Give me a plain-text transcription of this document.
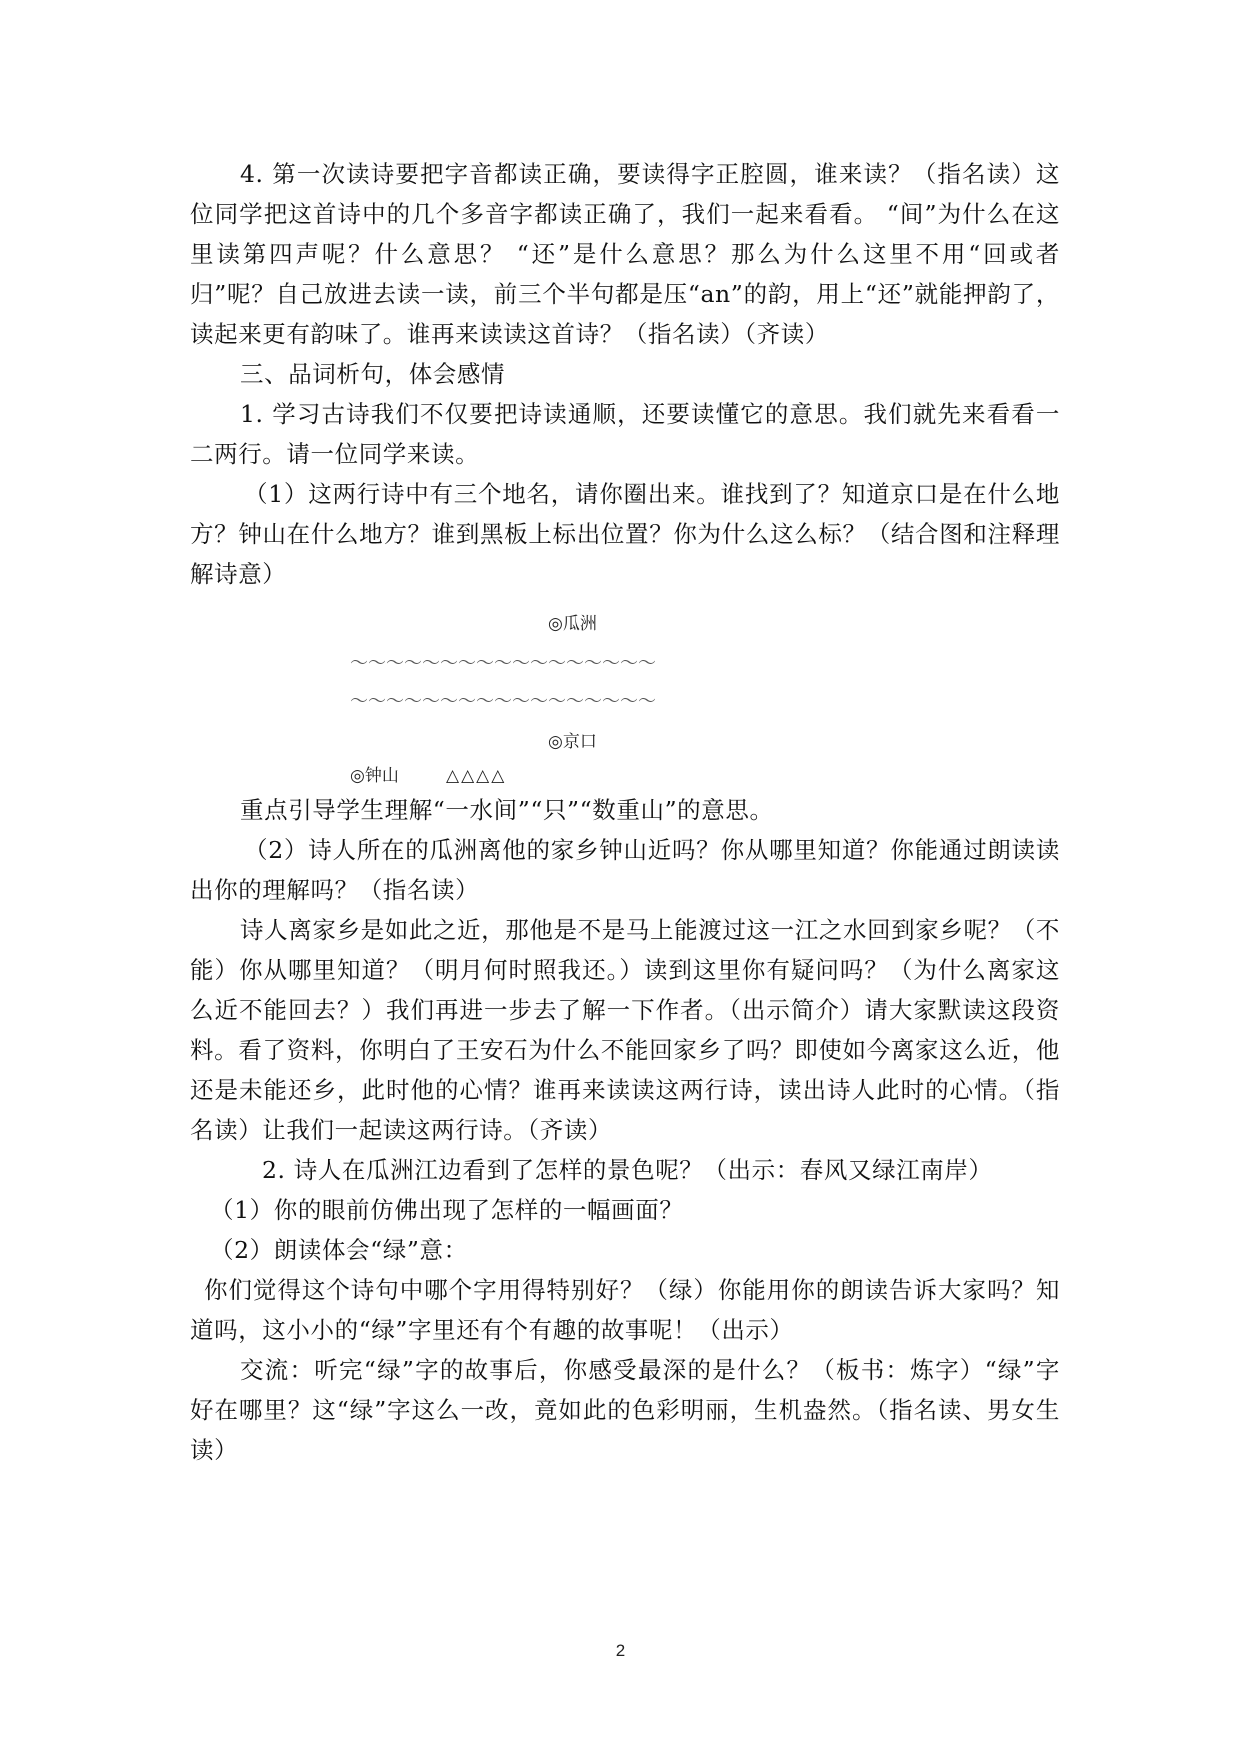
4. 第一次读诗要把字音都读正确，要读得字正腔圆，谁来读？（指名读）这位同学把这首诗中的几个多音字都读正确了，我们一起来看看。 “间”为什么在这里读第四声呢？什么意思？ “还”是什么意思？那么为什么这里不用“回或者归”呢？自己放进去读一读，前三个半句都是压“an”的韵，用上“还”就能押韵了，读起来更有韵味了。谁再来读读这首诗？（指名读）（齐读）

三、品词析句，体会感情

1. 学习古诗我们不仅要把诗读通顺，还要读懂它的意思。我们就先来看看一二两行。请一位同学来读。

（1）这两行诗中有三个地名，请你圈出来。谁找到了？知道京口是在什么地方？钟山在什么地方？谁到黑板上标出位置？你为什么这么标？（结合图和注释理解诗意）

◎瓜洲
～～～～～～～～～～～～～～～～～
～～～～～～～～～～～～～～～～～
◎京口
◎钟山	△△△△

重点引导学生理解“一水间”“只”“数重山”的意思。

（2）诗人所在的瓜洲离他的家乡钟山近吗？你从哪里知道？你能通过朗读读出你的理解吗？（指名读）

诗人离家乡是如此之近，那他是不是马上能渡过这一江之水回到家乡呢？（不能）你从哪里知道？（明月何时照我还。）读到这里你有疑问吗？（为什么离家这么近不能回去？）我们再进一步去了解一下作者。（出示简介）请大家默读这段资料。看了资料，你明白了王安石为什么不能回家乡了吗？即使如今离家这么近，他还是未能还乡，此时他的心情？谁再来读读这两行诗，读出诗人此时的心情。（指名读）让我们一起读这两行诗。（齐读）

2. 诗人在瓜洲江边看到了怎样的景色呢？（出示：春风又绿江南岸）

（1）你的眼前仿佛出现了怎样的一幅画面？

（2）朗读体会“绿”意：

你们觉得这个诗句中哪个字用得特别好？（绿）你能用你的朗读告诉大家吗？知道吗，这小小的“绿”字里还有个有趣的故事呢！（出示）

交流：听完“绿”字的故事后，你感受最深的是什么？（板书：炼字）“绿”字好在哪里？这“绿”字这么一改，竟如此的色彩明丽，生机盎然。（指名读、男女生读）

2
